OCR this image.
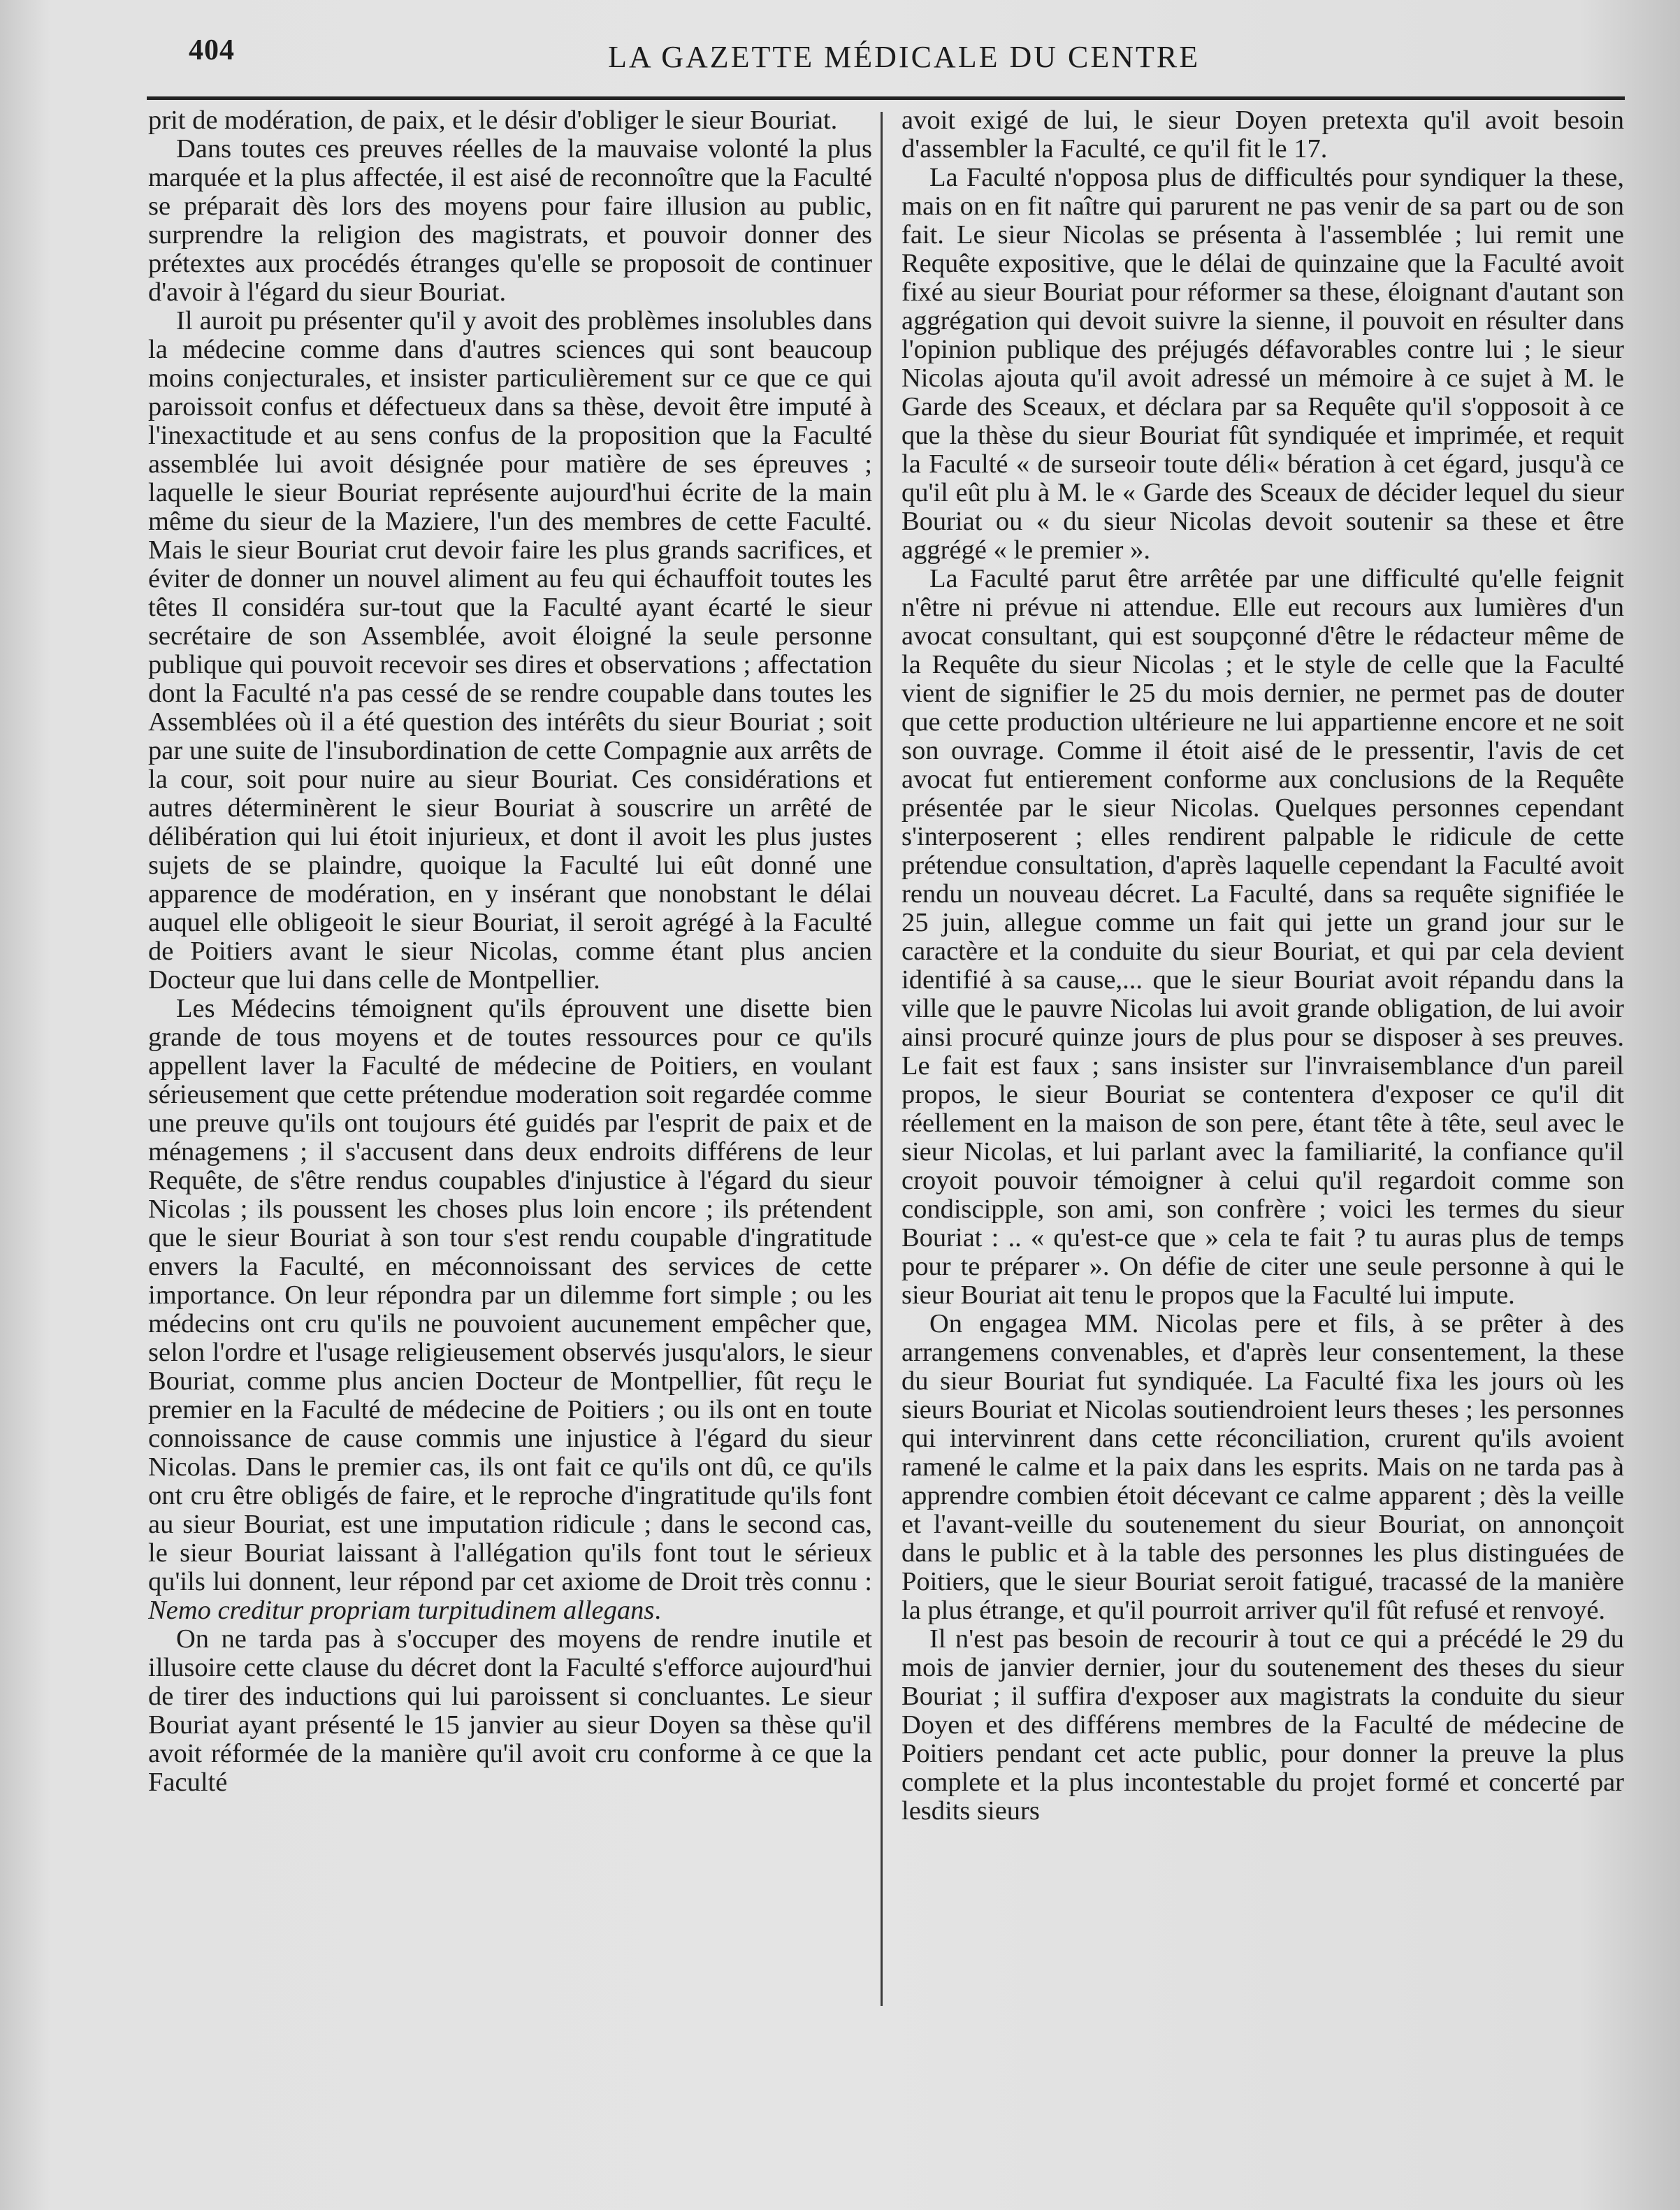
404	LA GAZETTE MÉDICALE DU CENTRE

prit de modération, de paix, et le désir d'obliger le sieur Bouriat.

Dans toutes ces preuves réelles de la mauvaise volonté la plus marquée et la plus affectée, il est aisé de reconnoître que la Faculté se préparait dès lors des moyens pour faire illusion au public, surprendre la religion des magistrats, et pouvoir donner des prétextes aux procédés étranges qu'elle se proposoit de continuer d'avoir à l'égard du sieur Bouriat.

Il auroit pu présenter qu'il y avoit des problèmes insolubles dans la médecine comme dans d'autres sciences qui sont beaucoup moins conjecturales, et insister particulièrement sur ce que ce qui paroissoit confus et défectueux dans sa thèse, devoit être imputé à l'inexactitude et au sens confus de la proposition que la Faculté assemblée lui avoit désignée pour matière de ses épreuves ; laquelle le sieur Bouriat représente aujourd'hui écrite de la main même du sieur de la Maziere, l'un des membres de cette Faculté. Mais le sieur Bouriat crut devoir faire les plus grands sacrifices, et éviter de donner un nouvel aliment au feu qui échauffoit toutes les têtes Il considéra sur-tout que la Faculté ayant écarté le sieur secrétaire de son Assemblée, avoit éloigné la seule personne publique qui pouvoit recevoir ses dires et observations ; affectation dont la Faculté n'a pas cessé de se rendre coupable dans toutes les Assemblées où il a été question des intérêts du sieur Bouriat ; soit par une suite de l'insubordination de cette Compagnie aux arrêts de la cour, soit pour nuire au sieur Bouriat. Ces considérations et autres déterminèrent le sieur Bouriat à souscrire un arrêté de délibération qui lui étoit injurieux, et dont il avoit les plus justes sujets de se plaindre, quoique la Faculté lui eût donné une apparence de modération, en y insérant que nonobstant le délai auquel elle obligeoit le sieur Bouriat, il seroit agrégé à la Faculté de Poitiers avant le sieur Nicolas, comme étant plus ancien Docteur que lui dans celle de Montpellier.

Les Médecins témoignent qu'ils éprouvent une disette bien grande de tous moyens et de toutes ressources pour ce qu'ils appellent laver la Faculté de médecine de Poitiers, en voulant sérieusement que cette prétendue moderation soit regardée comme une preuve qu'ils ont toujours été guidés par l'esprit de paix et de ménagemens ; il s'accusent dans deux endroits différens de leur Requête, de s'être rendus coupables d'injustice à l'égard du sieur Nicolas ; ils poussent les choses plus loin encore ; ils prétendent que le sieur Bouriat à son tour s'est rendu coupable d'ingratitude envers la Faculté, en méconnoissant des services de cette importance. On leur répondra par un dilemme fort simple ; ou les médecins ont cru qu'ils ne pouvoient aucunement empêcher que, selon l'ordre et l'usage religieusement observés jusqu'alors, le sieur Bouriat, comme plus ancien Docteur de Montpellier, fût reçu le premier en la Faculté de médecine de Poitiers ; ou ils ont en toute connoissance de cause commis une injustice à l'égard du sieur Nicolas. Dans le premier cas, ils ont fait ce qu'ils ont dû, ce qu'ils ont cru être obligés de faire, et le reproche d'ingratitude qu'ils font au sieur Bouriat, est une imputation ridicule ; dans le second cas, le sieur Bouriat laissant à l'allégation qu'ils font tout le sérieux qu'ils lui donnent, leur répond par cet axiome de Droit très connu : Nemo creditur propriam turpitudinem allegans.

On ne tarda pas à s'occuper des moyens de rendre inutile et illusoire cette clause du décret dont la Faculté s'efforce aujourd'hui de tirer des inductions qui lui paroissent si concluantes. Le sieur Bouriat ayant présenté le 15 janvier au sieur Doyen sa thèse qu'il avoit réformée de la manière qu'il avoit cru conforme à ce que la Faculté

avoit exigé de lui, le sieur Doyen pretexta qu'il avoit besoin d'assembler la Faculté, ce qu'il fit le 17.

La Faculté n'opposa plus de difficultés pour syndiquer la these, mais on en fit naître qui parurent ne pas venir de sa part ou de son fait. Le sieur Nicolas se présenta à l'assemblée ; lui remit une Requête expositive, que le délai de quinzaine que la Faculté avoit fixé au sieur Bouriat pour réformer sa these, éloignant d'autant son aggrégation qui devoit suivre la sienne, il pouvoit en résulter dans l'opinion publique des préjugés défavorables contre lui ; le sieur Nicolas ajouta qu'il avoit adressé un mémoire à ce sujet à M. le Garde des Sceaux, et déclara par sa Requête qu'il s'opposoit à ce que la thèse du sieur Bouriat fût syndiquée et imprimée, et requit la Faculté « de surseoir toute déli« bération à cet égard, jusqu'à ce qu'il eût plu à M. le « Garde des Sceaux de décider lequel du sieur Bouriat ou « du sieur Nicolas devoit soutenir sa these et être aggrégé « le premier ».

La Faculté parut être arrêtée par une difficulté qu'elle feignit n'être ni prévue ni attendue. Elle eut recours aux lumières d'un avocat consultant, qui est soupçonné d'être le rédacteur même de la Requête du sieur Nicolas ; et le style de celle que la Faculté vient de signifier le 25 du mois dernier, ne permet pas de douter que cette production ultérieure ne lui appartienne encore et ne soit son ouvrage. Comme il étoit aisé de le pressentir, l'avis de cet avocat fut entierement conforme aux conclusions de la Requête présentée par le sieur Nicolas. Quelques personnes cependant s'interposerent ; elles rendirent palpable le ridicule de cette prétendue consultation, d'après laquelle cependant la Faculté avoit rendu un nouveau décret. La Faculté, dans sa requête signifiée le 25 juin, allegue comme un fait qui jette un grand jour sur le caractère et la conduite du sieur Bouriat, et qui par cela devient identifié à sa cause,... que le sieur Bouriat avoit répandu dans la ville que le pauvre Nicolas lui avoit grande obligation, de lui avoir ainsi procuré quinze jours de plus pour se disposer à ses preuves. Le fait est faux ; sans insister sur l'invraisemblance d'un pareil propos, le sieur Bouriat se contentera d'exposer ce qu'il dit réellement en la maison de son pere, étant tête à tête, seul avec le sieur Nicolas, et lui parlant avec la familiarité, la confiance qu'il croyoit pouvoir témoigner à celui qu'il regardoit comme son condiscipple, son ami, son confrère ; voici les termes du sieur Bouriat : .. « qu'est-ce que » cela te fait ? tu auras plus de temps pour te préparer ». On défie de citer une seule personne à qui le sieur Bouriat ait tenu le propos que la Faculté lui impute.

On engagea MM. Nicolas pere et fils, à se prêter à des arrangemens convenables, et d'après leur consentement, la these du sieur Bouriat fut syndiquée. La Faculté fixa les jours où les sieurs Bouriat et Nicolas soutiendroient leurs theses ; les personnes qui intervinrent dans cette réconciliation, crurent qu'ils avoient ramené le calme et la paix dans les esprits. Mais on ne tarda pas à apprendre combien étoit décevant ce calme apparent ; dès la veille et l'avant-veille du soutenement du sieur Bouriat, on annonçoit dans le public et à la table des personnes les plus distinguées de Poitiers, que le sieur Bouriat seroit fatigué, tracassé de la manière la plus étrange, et qu'il pourroit arriver qu'il fût refusé et renvoyé.

Il n'est pas besoin de recourir à tout ce qui a précédé le 29 du mois de janvier dernier, jour du soutenement des theses du sieur Bouriat ; il suffira d'exposer aux magistrats la conduite du sieur Doyen et des différens membres de la Faculté de médecine de Poitiers pendant cet acte public, pour donner la preuve la plus complete et la plus incontestable du projet formé et concerté par lesdits sieurs
